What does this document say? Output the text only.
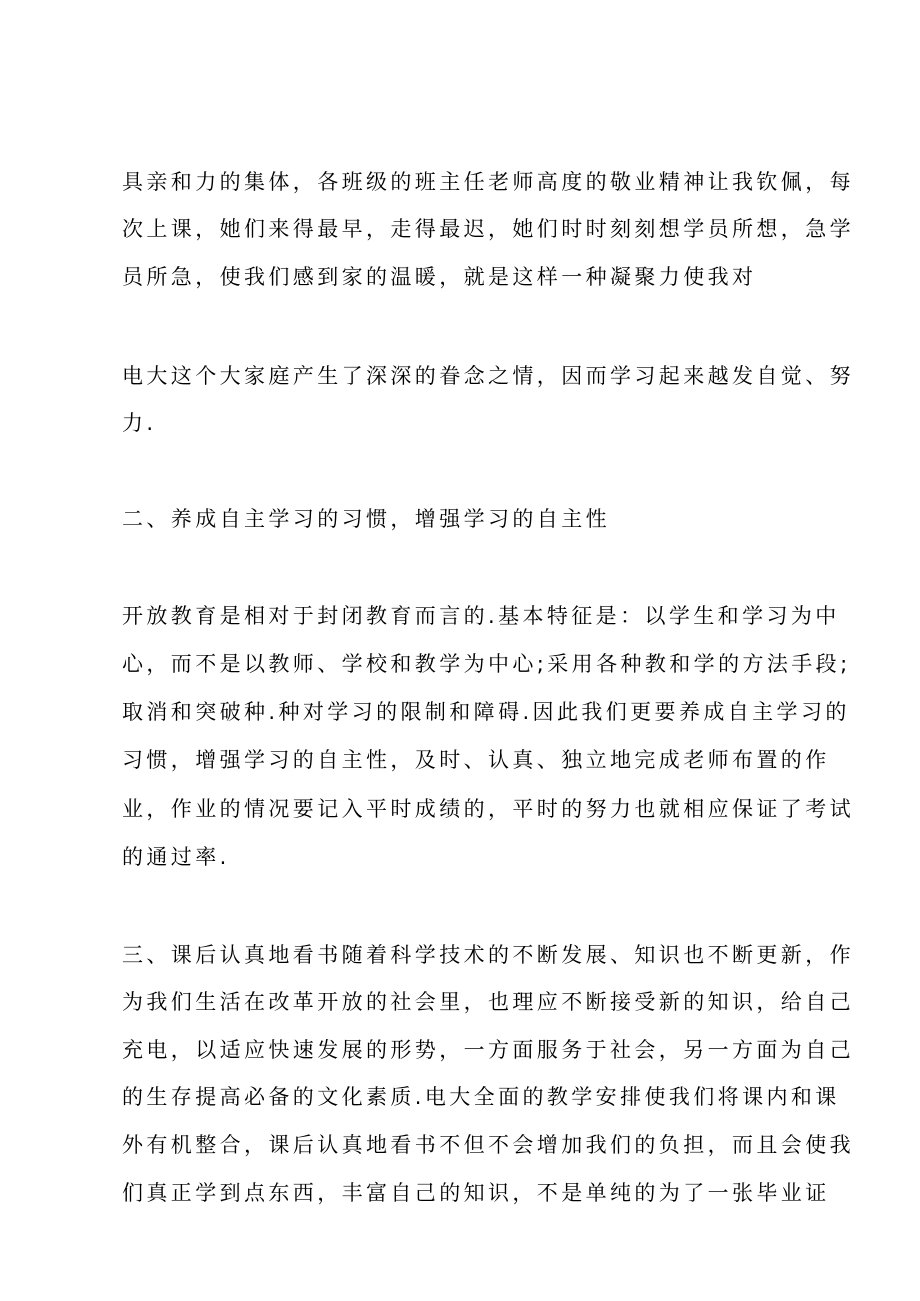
具亲和力的集体，各班级的班主任老师高度的敬业精神让我钦佩，每
次上课，她们来得最早，走得最迟，她们时时刻刻想学员所想，急学
员所急，使我们感到家的温暖，就是这样一种凝聚力使我对
电大这个大家庭产生了深深的眷念之情，因而学习起来越发自觉、努
力.
二、养成自主学习的习惯，增强学习的自主性
开放教育是相对于封闭教育而言的.基本特征是：以学生和学习为中
心，而不是以教师、学校和教学为中心;采用各种教和学的方法手段;
取消和突破种.种对学习的限制和障碍.因此我们更要养成自主学习的
习惯，增强学习的自主性，及时、认真、独立地完成老师布置的作
业，作业的情况要记入平时成绩的，平时的努力也就相应保证了考试
的通过率.
三、课后认真地看书随着科学技术的不断发展、知识也不断更新，作
为我们生活在改革开放的社会里，也理应不断接受新的知识，给自己
充电，以适应快速发展的形势，一方面服务于社会，另一方面为自己
的生存提高必备的文化素质.电大全面的教学安排使我们将课内和课
外有机整合，课后认真地看书不但不会增加我们的负担，而且会使我
们真正学到点东西，丰富自己的知识，不是单纯的为了一张毕业证
